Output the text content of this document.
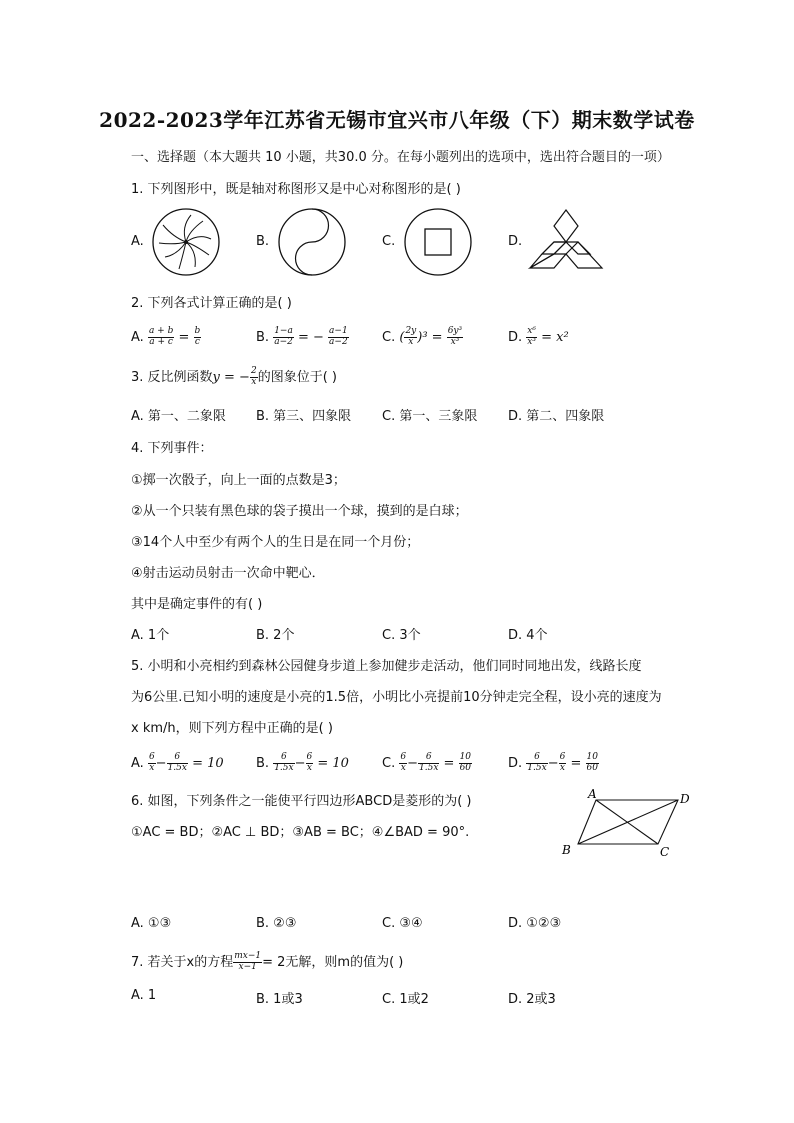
2022-2023学年江苏省无锡市宜兴市八年级（下）期末数学试卷
一、选择题（本大题共 10 小题，共30.0 分。在每小题列出的选项中，选出符合题目的一项）
1. 下列图形中，既是轴对称图形又是中心对称图形的是( )
A.	B.	C.	D.
2. 下列各式计算正确的是( )
A. $\frac{a + b}{a + c} = \frac{b}{c}$	B. $\frac{1-a}{a-2}$ = − $\frac{a-1}{a-2}$	C. ( $\frac{2y}{x} )^3 = \frac{\text{6y³}}{\text{x³}}$	D. $\frac{\text{x⁶}}{\text{x³}} = x^2$
3. 反比例函数y = − $\frac{2}{x}$ 的图象位于( )
A. 第一、二象限 B. 第三、四象限 C. 第一、三象限 D. 第二、四象限
4. 下列事件：
①掷一次骰子，向上一面的点数是3；
②从一个只装有黑色球的袋子摸出一个球，摸到的是白球；
③14个人中至少有两个人的生日是在同一个月份；
④射击运动员射击一次命中靶心．
其中是确定事件的有( )
A. 1个	B. 2个	C. 3个	D. 4个
5. 小明和小亮相约到森林公园健身步道上参加健步走活动，他们同时同地出发，线路长度
为6公里.已知小明的速度是小亮的1.5倍，小明比小亮提前10分钟走完全程，设小亮的速度为
x km/h，则下列方程中正确的是( )
A. $\frac{6}{x} - \frac{6}{1.5x} = 10$ B. $\frac{6}{1.5x} - \frac{6}{x} = 10$	C. $\frac{6}{x} - \frac{6}{1.5x} = \frac{10}{60}$	D. $\frac{6}{1.5x} - \frac{6}{x} = \frac{10}{60}$
6. 如图，下列条件之一能使平行四边形ABCD是菱形的为( )
①AC = BD；②AC ⊥ BD；③AB = BC；④∠BAD = 90°.
A	D
B	C
A. ①③	B. ②③	C. ③④	D. ①②③
7. 若关于x的方程 $\frac{mx-1}{x-1} = 2$无解，则m的值为( )
A. 1	B. 1或3	C. 1或2	D. 2或3
